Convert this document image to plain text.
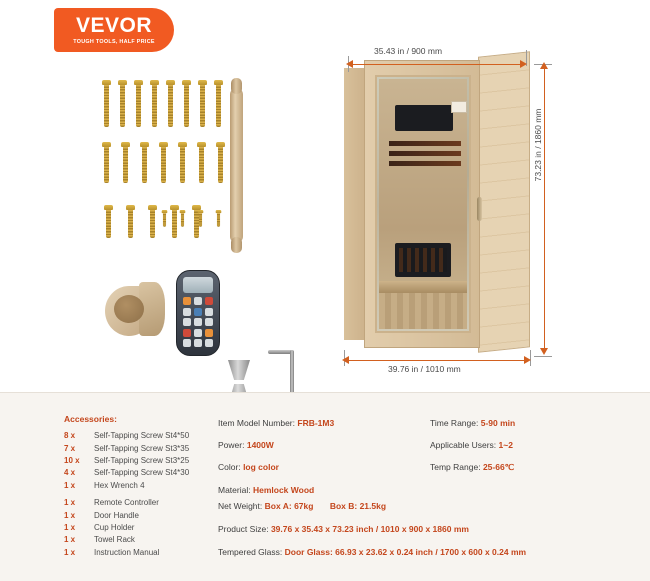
VEVOR
TOUGH TOOLS, HALF PRICE
35.43 in / 900 mm
73.23 in / 1860 mm
39.76 in / 1010 mm
Accessories:
8 x	Self-Tapping Screw St4*50
7 x	Self-Tapping Screw St3*35
10 x	Self-Tapping Screw St3*25
4 x	Self-Tapping Screw St4*30
1 x	Hex Wrench 4
1 x	Remote Controller
1 x	Door Handle
1 x	Cup Holder
1 x	Towel Rack
1 x	Instruction Manual
Item Model Number: FRB-1M3
Power: 1400W
Color: log color
Material: Hemlock Wood
Time Range: 5-90 min
Applicable Users: 1~2
Temp Range: 25-66℃
Net Weight: Box A: 67kg Box B: 21.5kg
Product Size: 39.76 x 35.43 x 73.23 inch / 1010 x 900 x 1860 mm
Tempered Glass: Door Glass: 66.93 x 23.62 x 0.24 inch / 1700 x 600 x 0.24 mm
